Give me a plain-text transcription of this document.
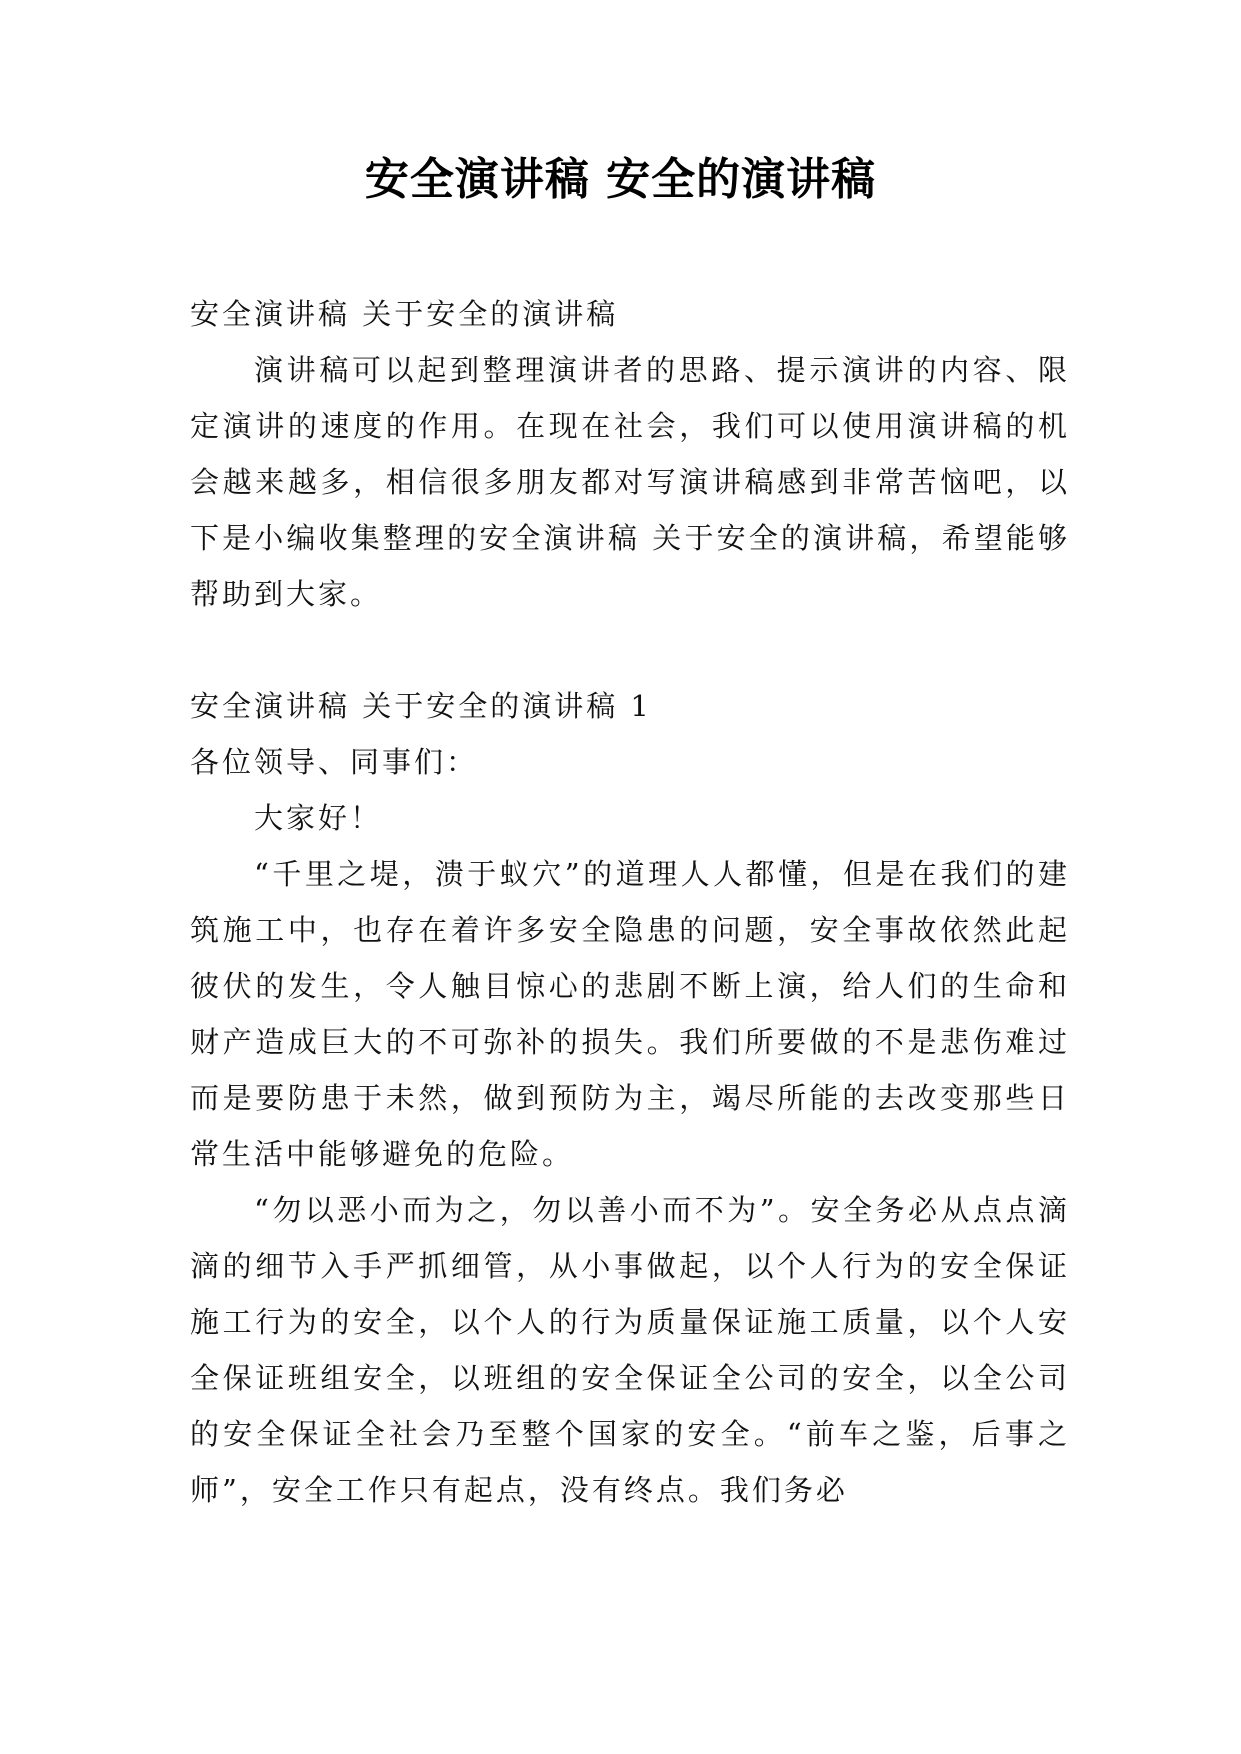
安全演讲稿 安全的演讲稿

安全演讲稿 关于安全的演讲稿

演讲稿可以起到整理演讲者的思路、提示演讲的内容、限定演讲的速度的作用。在现在社会，我们可以使用演讲稿的机会越来越多，相信很多朋友都对写演讲稿感到非常苦恼吧，以下是小编收集整理的安全演讲稿 关于安全的演讲稿，希望能够帮助到大家。

安全演讲稿 关于安全的演讲稿 1

各位领导、同事们：

大家好！

“千里之堤，溃于蚁穴”的道理人人都懂，但是在我们的建筑施工中，也存在着许多安全隐患的问题，安全事故依然此起彼伏的发生，令人触目惊心的悲剧不断上演，给人们的生命和财产造成巨大的不可弥补的损失。我们所要做的不是悲伤难过而是要防患于未然，做到预防为主，竭尽所能的去改变那些日常生活中能够避免的危险。

“勿以恶小而为之，勿以善小而不为”。安全务必从点点滴滴的细节入手严抓细管，从小事做起，以个人行为的安全保证施工行为的安全，以个人的行为质量保证施工质量，以个人安全保证班组安全，以班组的安全保证全公司的安全，以全公司的安全保证全社会乃至整个国家的安全。“前车之鉴，后事之师”，安全工作只有起点，没有终点。我们务必
